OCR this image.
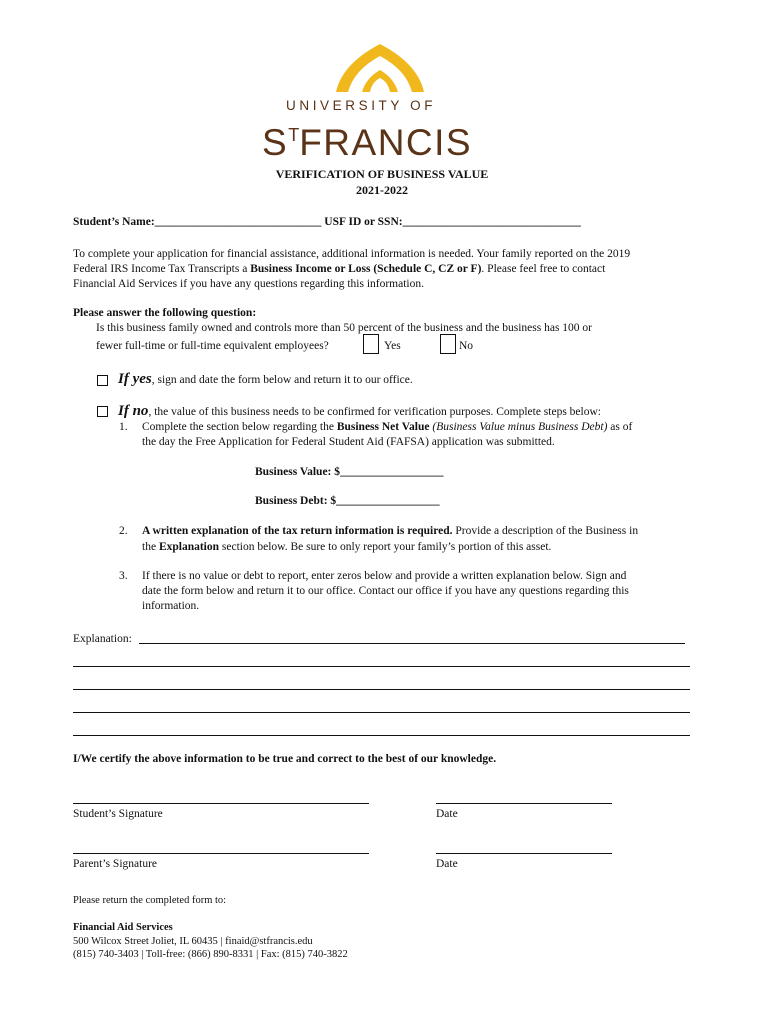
UNIVERSITY OF
$S^TFRANCIS$
VERIFICATION OF BUSINESS VALUE
2021-2022
Student’s Name:_____________________________ USF ID or SSN:_______________________________
To complete your application for financial assistance, additional information is needed. Your family reported on the 2019
Federal IRS Income Tax Transcripts a Business Income or Loss (Schedule C, CZ or F). Please feel free to contact
Financial Aid Services if you have any questions regarding this information.
Please answer the following question:
Is this business family owned and controls more than 50 percent of the business and the business has 100 or
fewer full-time or full-time equivalent employees?	Yes	No
If yes, sign and date the form below and return it to our office.
If no, the value of this business needs to be confirmed for verification purposes. Complete steps below:
1. Complete the section below regarding the Business Net Value (Business Value minus Business Debt) as of
the day the Free Application for Federal Student Aid (FAFSA) application was submitted.
Business Value: $__________________
Business Debt: $__________________
2. A written explanation of the tax return information is required. Provide a description of the Business in
the Explanation section below. Be sure to only report your family’s portion of this asset.
3. If there is no value or debt to report, enter zeros below and provide a written explanation below. Sign and
date the form below and return it to our office. Contact our office if you have any questions regarding this
information.
Explanation:
I/We certify the above information to be true and correct to the best of our knowledge.
Student’s Signature	Date
Parent’s Signature	Date
Please return the completed form to:
Financial Aid Services
500 Wilcox Street Joliet, IL 60435 | finaid@stfrancis.edu
(815) 740-3403 | Toll-free: (866) 890-8331 | Fax: (815) 740-3822
